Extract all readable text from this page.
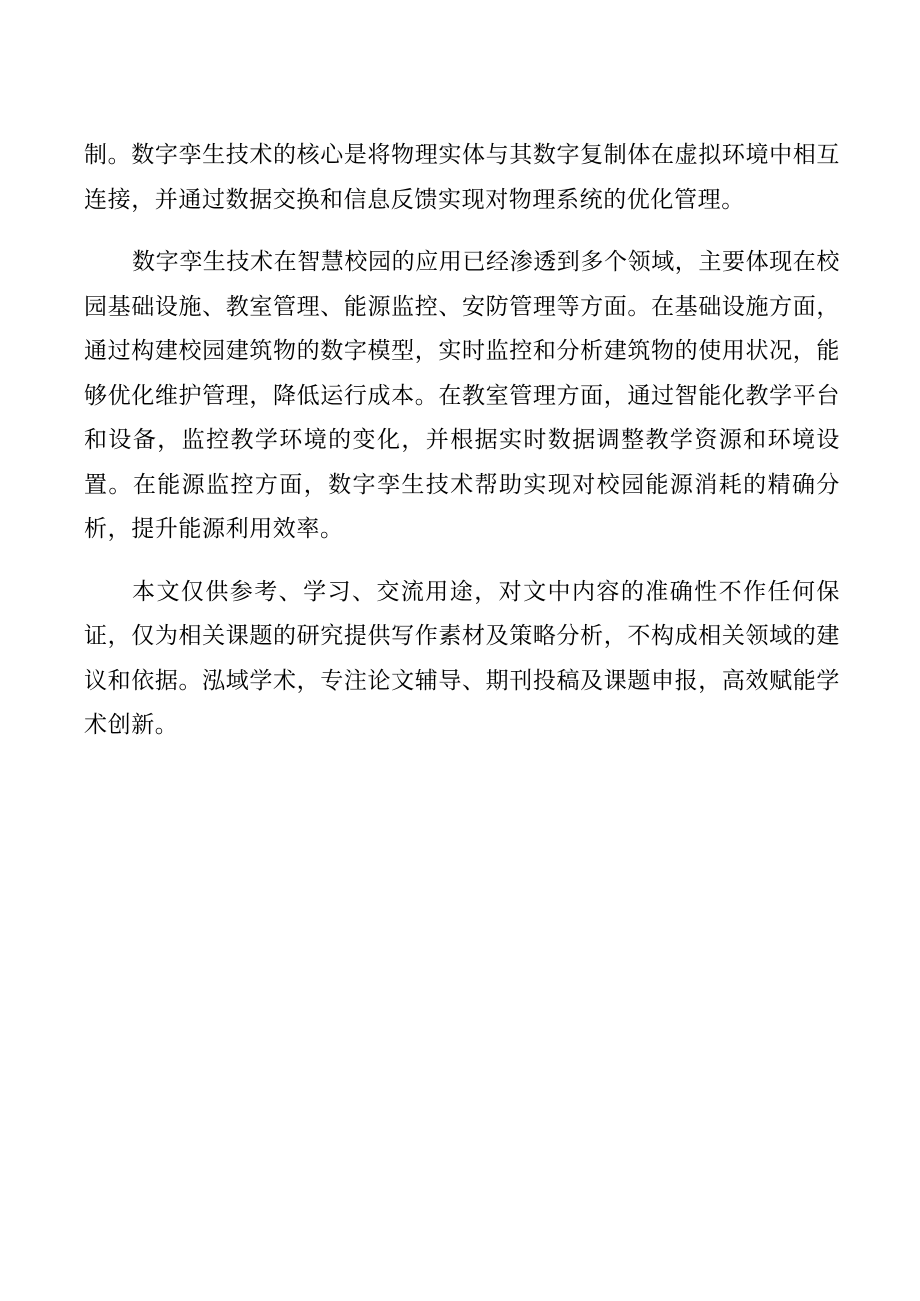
制。数字孪生技术的核心是将物理实体与其数字复制体在虚拟环境中相互连接，并通过数据交换和信息反馈实现对物理系统的优化管理。

数字孪生技术在智慧校园的应用已经渗透到多个领域，主要体现在校园基础设施、教室管理、能源监控、安防管理等方面。在基础设施方面，通过构建校园建筑物的数字模型，实时监控和分析建筑物的使用状况，能够优化维护管理，降低运行成本。在教室管理方面，通过智能化教学平台和设备，监控教学环境的变化，并根据实时数据调整教学资源和环境设置。在能源监控方面，数字孪生技术帮助实现对校园能源消耗的精确分析，提升能源利用效率。

本文仅供参考、学习、交流用途，对文中内容的准确性不作任何保证，仅为相关课题的研究提供写作素材及策略分析，不构成相关领域的建议和依据。泓域学术，专注论文辅导、期刊投稿及课题申报，高效赋能学术创新。
